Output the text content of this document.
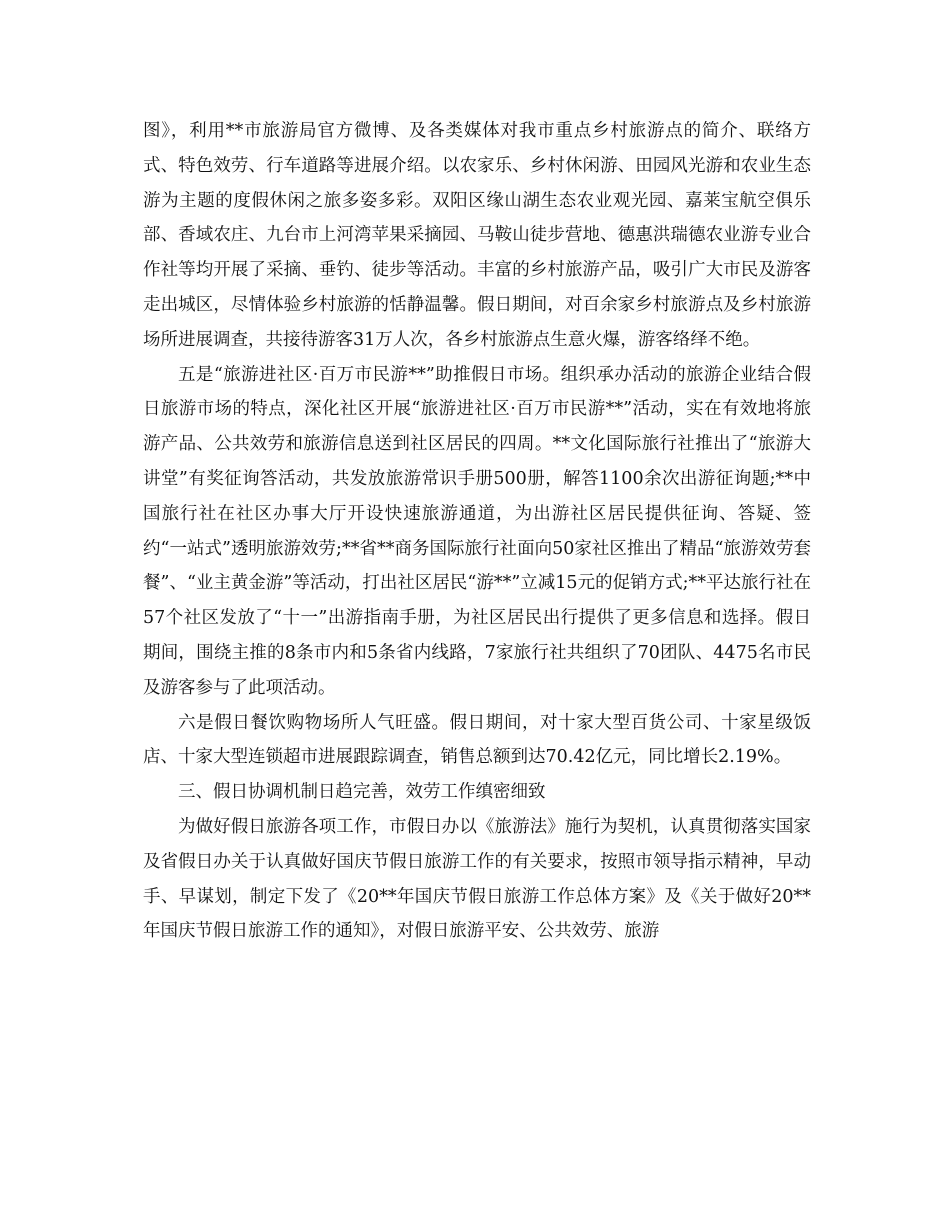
图》，利用**市旅游局官方微博、及各类媒体对我市重点乡村旅游点的简介、联络方式、特色效劳、行车道路等进展介绍。以农家乐、乡村休闲游、田园风光游和农业生态游为主题的度假休闲之旅多姿多彩。双阳区缘山湖生态农业观光园、嘉莱宝航空俱乐部、香域农庄、九台市上河湾苹果采摘园、马鞍山徒步营地、德惠洪瑞德农业游专业合作社等均开展了采摘、垂钓、徒步等活动。丰富的乡村旅游产品，吸引广大市民及游客走出城区，尽情体验乡村旅游的恬静温馨。假日期间，对百余家乡村旅游点及乡村旅游场所进展调查，共接待游客31万人次，各乡村旅游点生意火爆，游客络绎不绝。

五是“旅游进社区·百万市民游**”助推假日市场。组织承办活动的旅游企业结合假日旅游市场的特点，深化社区开展“旅游进社区·百万市民游**”活动，实在有效地将旅游产品、公共效劳和旅游信息送到社区居民的四周。**文化国际旅行社推出了“旅游大讲堂”有奖征询答活动，共发放旅游常识手册500册，解答1100余次出游征询题;**中国旅行社在社区办事大厅开设快速旅游通道，为出游社区居民提供征询、答疑、签约“一站式”透明旅游效劳;**省**商务国际旅行社面向50家社区推出了精品“旅游效劳套餐”、“业主黄金游”等活动，打出社区居民“游**”立减15元的促销方式;**平达旅行社在57个社区发放了“十一”出游指南手册，为社区居民出行提供了更多信息和选择。假日期间，围绕主推的8条市内和5条省内线路，7家旅行社共组织了70团队、4475名市民及游客参与了此项活动。

六是假日餐饮购物场所人气旺盛。假日期间，对十家大型百货公司、十家星级饭店、十家大型连锁超市进展跟踪调查，销售总额到达70.42亿元，同比增长2.19%。

三、假日协调机制日趋完善，效劳工作缜密细致

为做好假日旅游各项工作，市假日办以《旅游法》施行为契机，认真贯彻落实国家及省假日办关于认真做好国庆节假日旅游工作的有关要求，按照市领导指示精神，早动手、早谋划，制定下发了《20**年国庆节假日旅游工作总体方案》及《关于做好20**年国庆节假日旅游工作的通知》，对假日旅游平安、公共效劳、旅游
